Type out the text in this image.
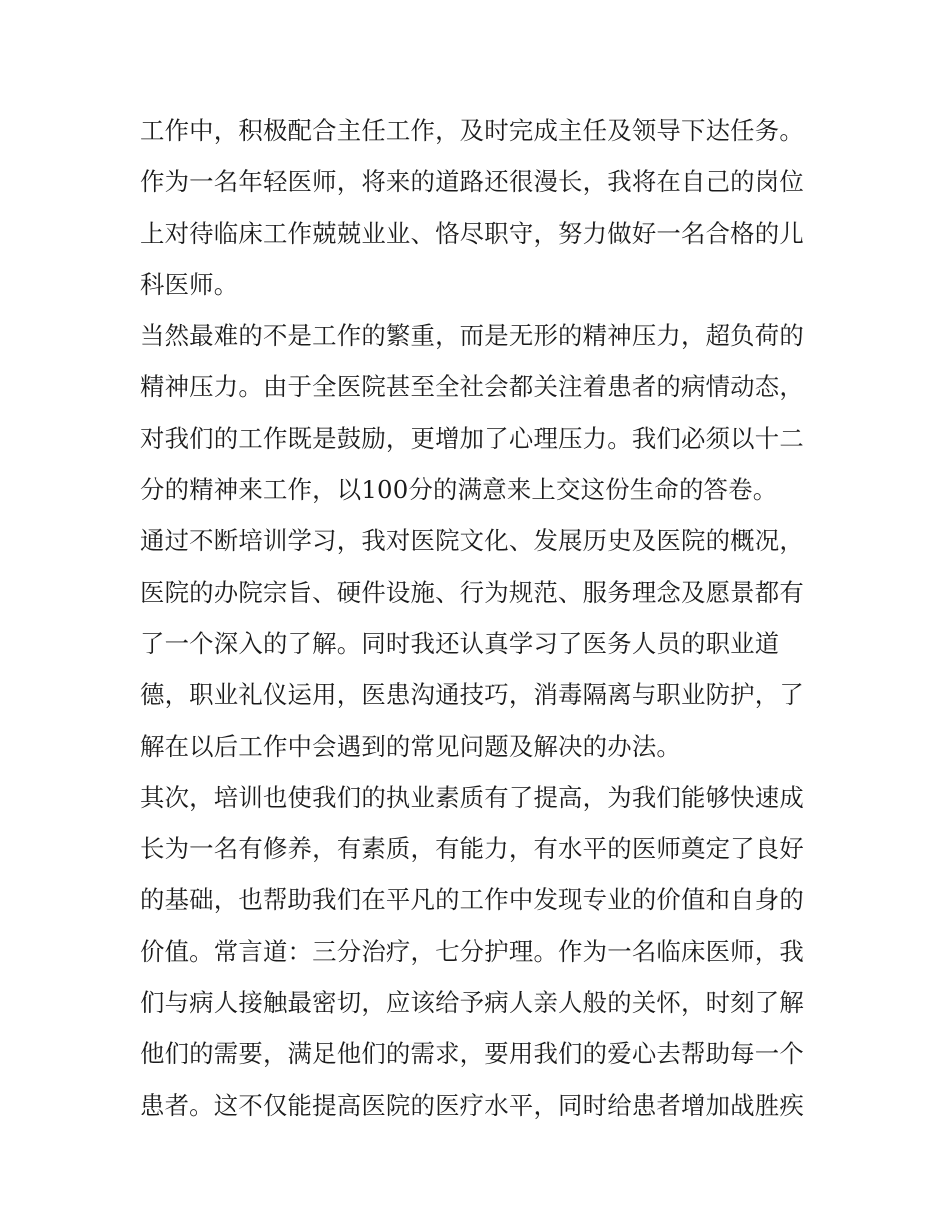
工作中，积极配合主任工作，及时完成主任及领导下达任务。
作为一名年轻医师，将来的道路还很漫长，我将在自己的岗位
上对待临床工作兢兢业业、恪尽职守，努力做好一名合格的儿
科医师。
当然最难的不是工作的繁重，而是无形的精神压力，超负荷的
精神压力。由于全医院甚至全社会都关注着患者的病情动态，
对我们的工作既是鼓励，更增加了心理压力。我们必须以十二
分的精神来工作，以100分的满意来上交这份生命的答卷。
通过不断培训学习，我对医院文化、发展历史及医院的概况，
医院的办院宗旨、硬件设施、行为规范、服务理念及愿景都有
了一个深入的了解。同时我还认真学习了医务人员的职业道
德，职业礼仪运用，医患沟通技巧，消毒隔离与职业防护，了
解在以后工作中会遇到的常见问题及解决的办法。
其次，培训也使我们的执业素质有了提高，为我们能够快速成
长为一名有修养，有素质，有能力，有水平的医师奠定了良好
的基础，也帮助我们在平凡的工作中发现专业的价值和自身的
价值。常言道：三分治疗，七分护理。作为一名临床医师，我
们与病人接触最密切，应该给予病人亲人般的关怀，时刻了解
他们的需要，满足他们的需求，要用我们的爱心去帮助每一个
患者。这不仅能提高医院的医疗水平，同时给患者增加战胜疾
